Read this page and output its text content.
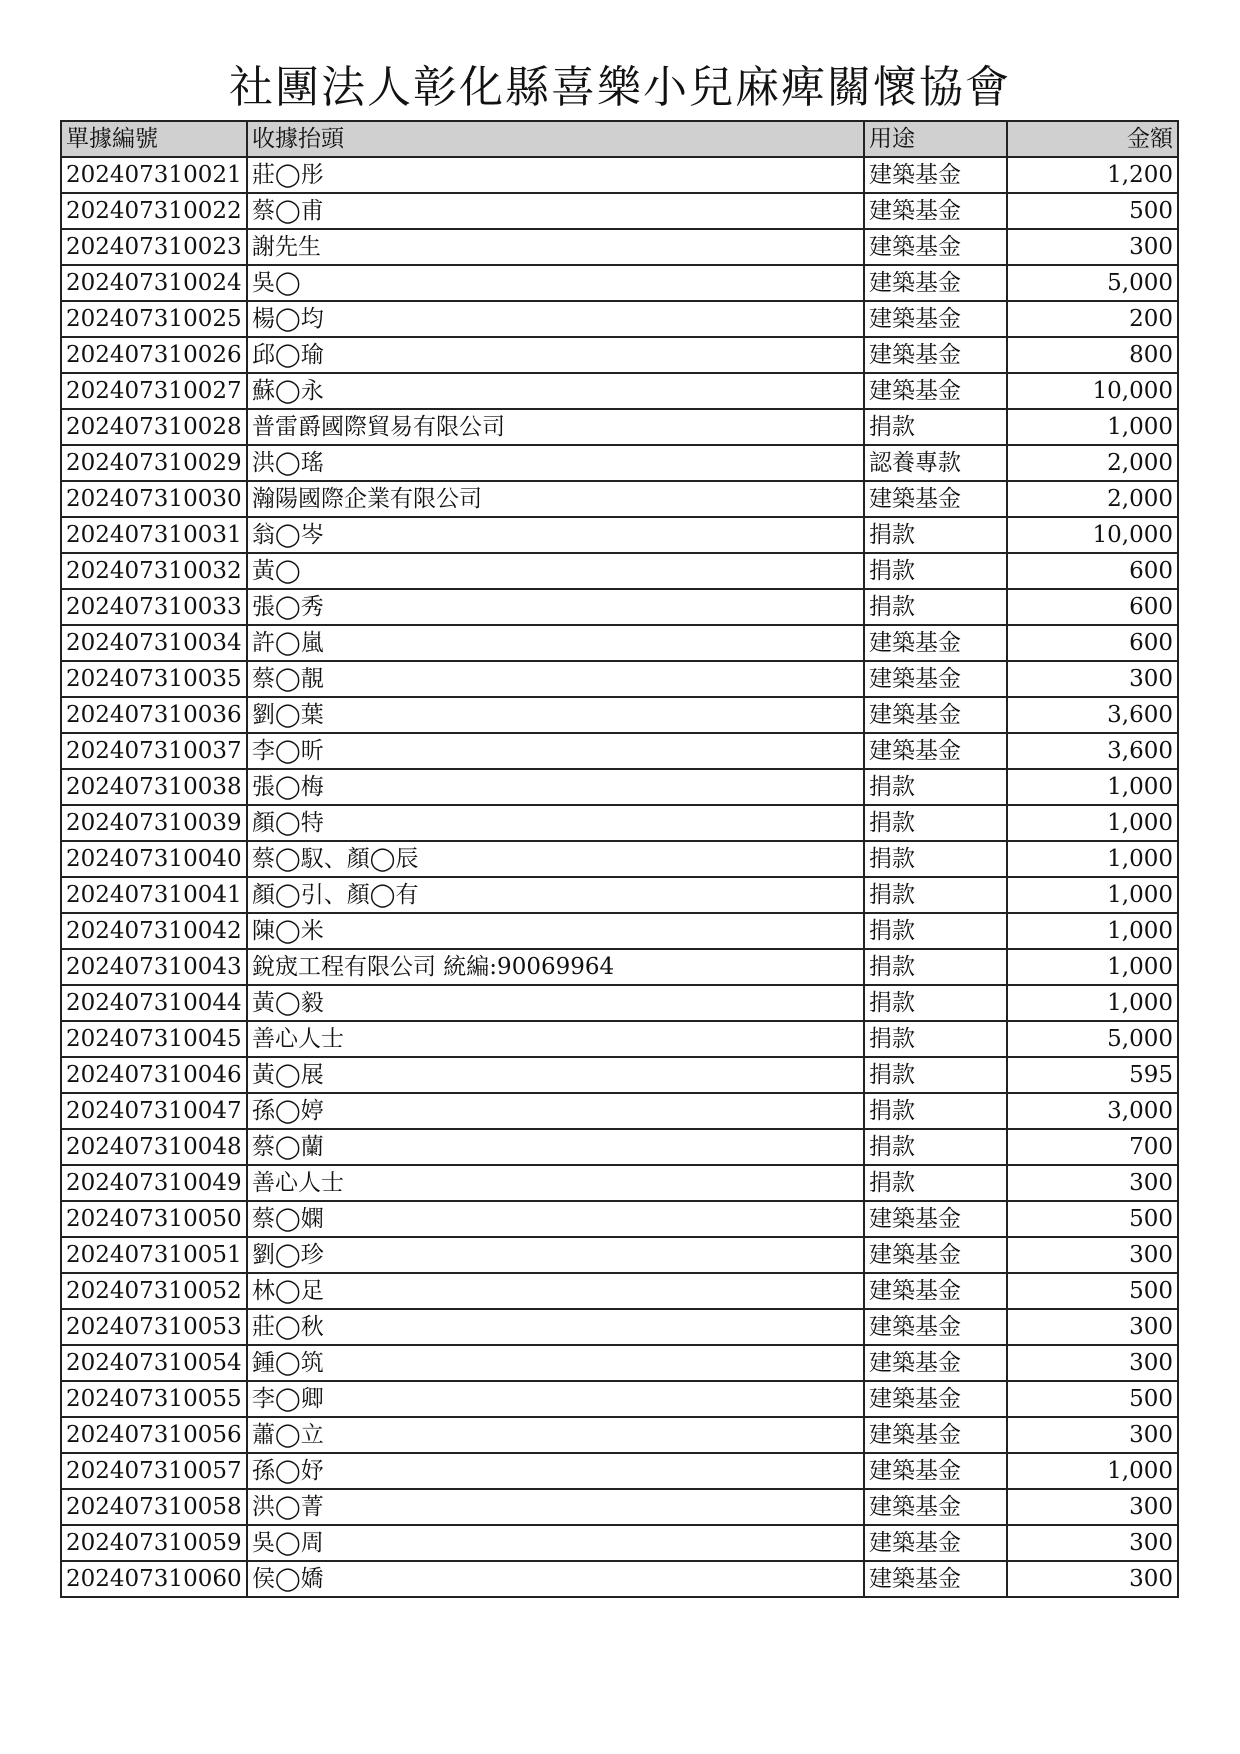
社團法人彰化縣喜樂小兒麻痺關懷協會
單據編號	收據抬頭	用途	金額
202407310021	莊◯彤	建築基金	1,200
202407310022	蔡◯甫	建築基金	500
202407310023	謝先生	建築基金	300
202407310024	吳◯	建築基金	5,000
202407310025	楊◯均	建築基金	200
202407310026	邱◯瑜	建築基金	800
202407310027	蘇◯永	建築基金	10,000
202407310028	普雷爵國際貿易有限公司	捐款	1,000
202407310029	洪◯瑤	認養專款	2,000
202407310030	瀚陽國際企業有限公司	建築基金	2,000
202407310031	翁◯岑	捐款	10,000
202407310032	黃◯	捐款	600
202407310033	張◯秀	捐款	600
202407310034	許◯嵐	建築基金	600
202407310035	蔡◯靚	建築基金	300
202407310036	劉◯葉	建築基金	3,600
202407310037	李◯昕	建築基金	3,600
202407310038	張◯梅	捐款	1,000
202407310039	顏◯特	捐款	1,000
202407310040	蔡◯馭、顏◯辰	捐款	1,000
202407310041	顏◯引、顏◯有	捐款	1,000
202407310042	陳◯米	捐款	1,000
202407310043	銳宬工程有限公司 統編:90069964	捐款	1,000
202407310044	黃◯毅	捐款	1,000
202407310045	善心人士	捐款	5,000
202407310046	黃◯展	捐款	595
202407310047	孫◯婷	捐款	3,000
202407310048	蔡◯蘭	捐款	700
202407310049	善心人士	捐款	300
202407310050	蔡◯嫻	建築基金	500
202407310051	劉◯珍	建築基金	300
202407310052	林◯足	建築基金	500
202407310053	莊◯秋	建築基金	300
202407310054	鍾◯筑	建築基金	300
202407310055	李◯卿	建築基金	500
202407310056	蕭◯立	建築基金	300
202407310057	孫◯妤	建築基金	1,000
202407310058	洪◯菁	建築基金	300
202407310059	吳◯周	建築基金	300
202407310060	侯◯嬌	建築基金	300
